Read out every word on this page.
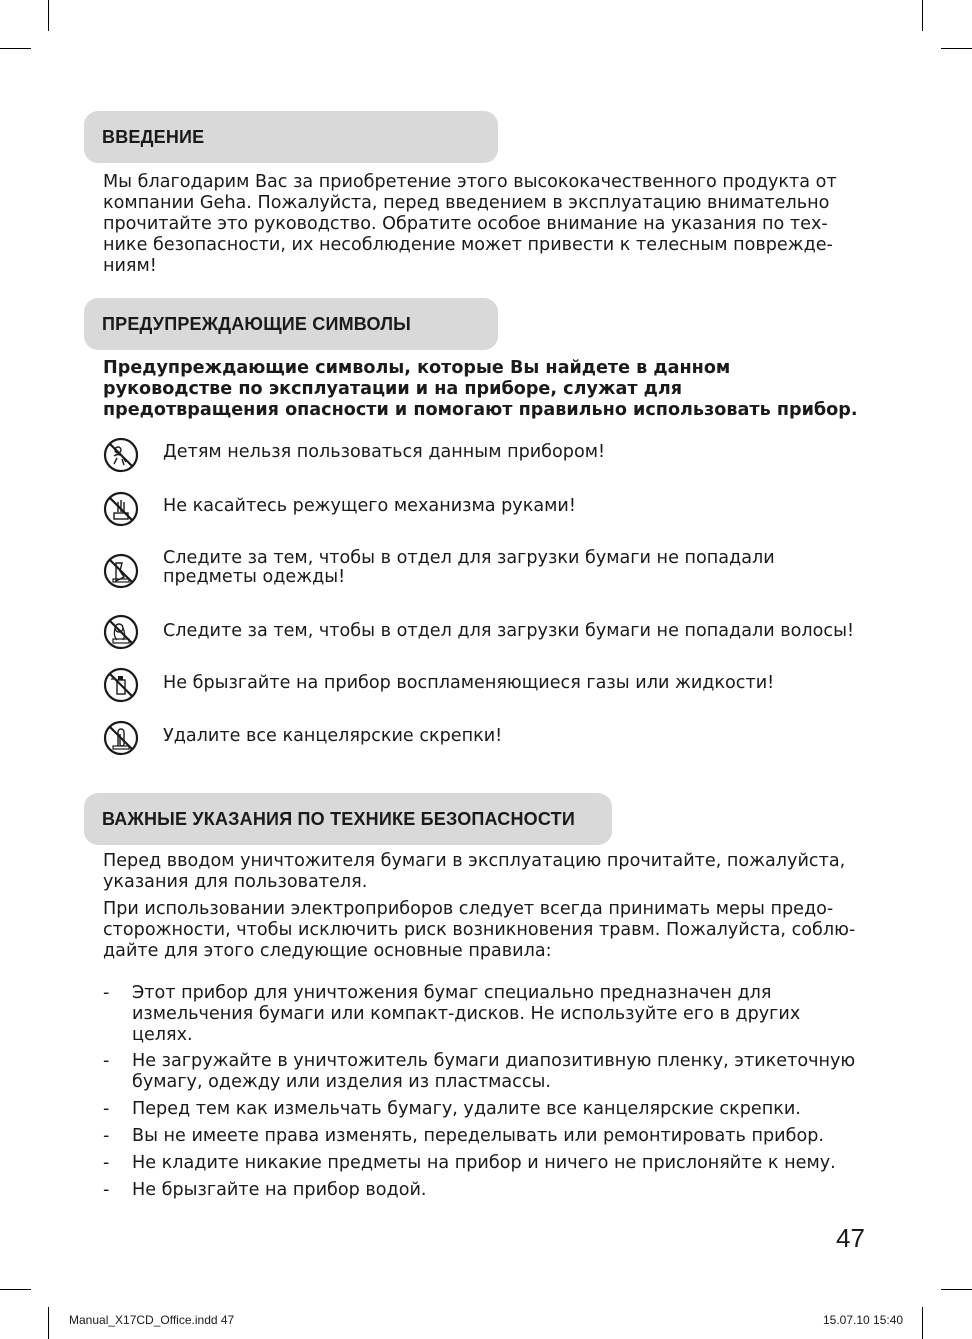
ВВЕДЕНИЕ

Мы благодарим Вас за приобретение этого высококачественного продукта от компании Geha. Пожалуйста, перед введением в эксплуатацию внимательно прочитайте это руководство. Обратите особое внимание на указания по тех-нике безопасности, их несоблюдение может привести к телесным поврежде-ниям!

ПРЕДУПРЕЖДАЮЩИЕ СИМВОЛЫ

Предупреждающие символы, которые Вы найдете в данном руководстве по эксплуатации и на приборе, служат для предотвращения опасности и помогают правильно использовать прибор.

Детям нельзя пользоваться данным прибором!
Не касайтесь режущего механизма руками!
Следите за тем, чтобы в отдел для загрузки бумаги не попадали предметы одежды!
Следите за тем, чтобы в отдел для загрузки бумаги не попадали волосы!
Не брызгайте на прибор воспламеняющиеся газы или жидкости!
Удалите все канцелярские скрепки!
ВАЖНЫЕ УКАЗАНИЯ ПО ТЕХНИКЕ БЕЗОПАСНОСТИ

Перед вводом уничтожителя бумаги в эксплуатацию прочитайте, пожалуйста, указания для пользователя.

При использовании электроприборов следует всегда принимать меры предо-сторожности, чтобы исключить риск возникновения травм. Пожалуйста, соблю-дайте для этого следующие основные правила:

- Этот прибор для уничтожения бумаг специально предназначен для измельчения бумаги или компакт-дисков. Не используйте его в других целях.
- Не загружайте в уничтожитель бумаги диапозитивную пленку, этикеточную бумагу, одежду или изделия из пластмассы.
- Перед тем как измельчать бумагу, удалите все канцелярские скрепки.
- Вы не имеете права изменять, переделывать или ремонтировать прибор.
- Не кладите никакие предметы на прибор и ничего не прислоняйте к нему.
- Не брызгайте на прибор водой.
47
Manual_X17CD_Office.indd 47	15.07.10 15:40
